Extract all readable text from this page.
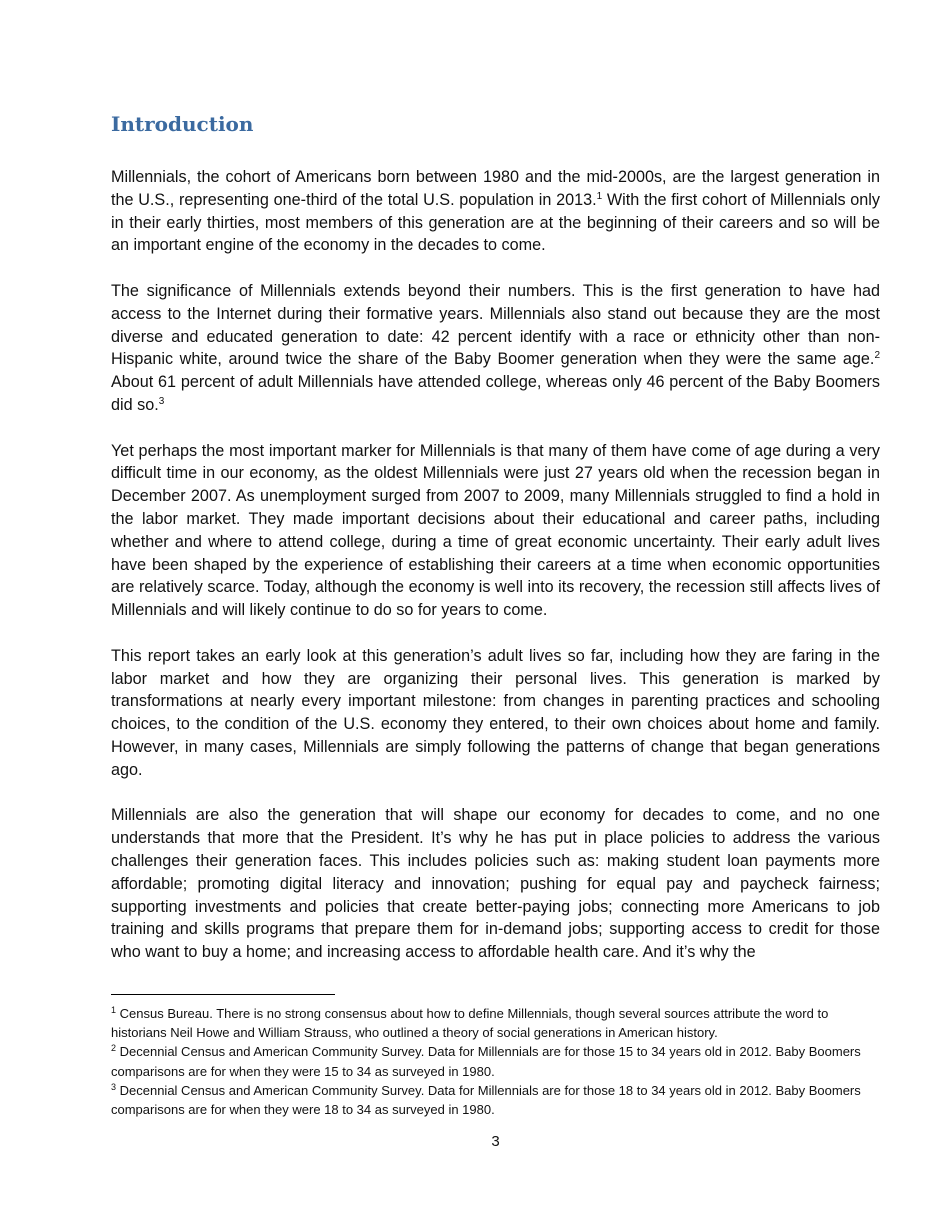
Introduction

Millennials, the cohort of Americans born between 1980 and the mid-2000s, are the largest generation in the U.S., representing one-third of the total U.S. population in 2013.$^1$ With the first cohort of Millennials only in their early thirties, most members of this generation are at the beginning of their careers and so will be an important engine of the economy in the decades to come.

The significance of Millennials extends beyond their numbers. This is the first generation to have had access to the Internet during their formative years. Millennials also stand out because they are the most diverse and educated generation to date: 42 percent identify with a race or ethnicity other than non-Hispanic white, around twice the share of the Baby Boomer generation when they were the same age.$^2$ About 61 percent of adult Millennials have attended college, whereas only 46 percent of the Baby Boomers did so.$^3$

Yet perhaps the most important marker for Millennials is that many of them have come of age during a very difficult time in our economy, as the oldest Millennials were just 27 years old when the recession began in December 2007. As unemployment surged from 2007 to 2009, many Millennials struggled to find a hold in the labor market. They made important decisions about their educational and career paths, including whether and where to attend college, during a time of great economic uncertainty. Their early adult lives have been shaped by the experience of establishing their careers at a time when economic opportunities are relatively scarce. Today, although the economy is well into its recovery, the recession still affects lives of Millennials and will likely continue to do so for years to come.

This report takes an early look at this generation’s adult lives so far, including how they are faring in the labor market and how they are organizing their personal lives. This generation is marked by transformations at nearly every important milestone: from changes in parenting practices and schooling choices, to the condition of the U.S. economy they entered, to their own choices about home and family. However, in many cases, Millennials are simply following the patterns of change that began generations ago.

Millennials are also the generation that will shape our economy for decades to come, and no one understands that more that the President. It’s why he has put in place policies to address the various challenges their generation faces. This includes policies such as: making student loan payments more affordable; promoting digital literacy and innovation; pushing for equal pay and paycheck fairness; supporting investments and policies that create better-paying jobs; connecting more Americans to job training and skills programs that prepare them for in-demand jobs; supporting access to credit for those who want to buy a home; and increasing access to affordable health care. And it’s why the

$^1$ Census Bureau. There is no strong consensus about how to define Millennials, though several sources attribute the word to historians Neil Howe and William Strauss, who outlined a theory of social generations in American history.

$^2$ Decennial Census and American Community Survey. Data for Millennials are for those 15 to 34 years old in 2012. Baby Boomers comparisons are for when they were 15 to 34 as surveyed in 1980.

$^3$ Decennial Census and American Community Survey. Data for Millennials are for those 18 to 34 years old in 2012. Baby Boomers comparisons are for when they were 18 to 34 as surveyed in 1980.

3
